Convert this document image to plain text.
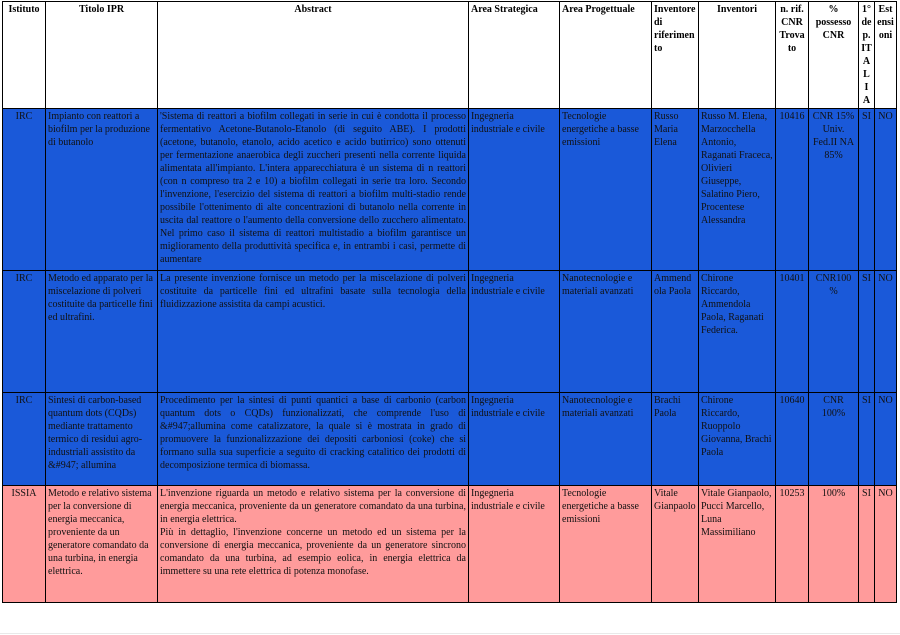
Istituto	Titolo IPR	Abstract	Area Strategica	Area Progettuale	Inventore di riferimento	Inventori	n. rif. CNR Trovato	% possesso CNR	1° de p. IT AL IA	Estensioni
IRC	Impianto con reattori a biofilm per la produzione di butanolo	'Sistema di reattori a biofilm collegati in serie in cui è condotta il processo fermentativo Acetone-Butanolo-Etanolo (di seguito ABE). I prodotti (acetone, butanolo, etanolo, acido acetico e acido butirrico) sono ottenuti per fermentazione anaerobica degli zuccheri presenti nella corrente liquida alimentata all'impianto. L'intera apparecchiatura è un sistema di n reattori (con n compreso tra 2 e 10) a biofilm collegati in serie tra loro. Secondo l'invenzione, l'esercizio del sistema di reattori a biofilm multi-stadio rende possibile l'ottenimento di alte concentrazioni di butanolo nella corrente in uscita dal reattore o l'aumento della conversione dello zucchero alimentato. Nel primo caso il sistema di reattori multistadio a biofilm garantisce un miglioramento della produttività specifica e, in entrambi i casi, permette di aumentare	Ingegneria industriale e civile	Tecnologie energetiche a basse emissioni	Russo Maria Elena	Russo M. Elena, Marzocchella Antonio, Raganati Fraceca, Olivieri Giuseppe, Salatino Piero, Procentese Alessandra	10416	CNR 15% Univ. Fed.II NA 85%	SI	NO
IRC	Metodo ed apparato per la miscelazione di polveri costituite da particelle fini ed ultrafini.	La presente invenzione fornisce un metodo per la miscelazione di polveri costituite da particelle fini ed ultrafini basate sulla tecnologia della fluidizzazione assistita da campi acustici.	Ingegneria industriale e civile	Nanotecnologie e materiali avanzati	Ammendola Paola	Chirone Riccardo, Ammendola Paola, Raganati Federica.	10401	CNR100 %	SI	NO
IRC	Sintesi di carbon-based quantum dots (CQDs) mediante trattamento termico di residui agro-industriali assistito da &#947; allumina	Procedimento per la sintesi di punti quantici a base di carbonio (carbon quantum dots o CQDs) funzionalizzati, che comprende l'uso di &#947;allumina come catalizzatore, la quale si è mostrata in grado di promuovere la funzionalizzazione dei depositi carboniosi (coke) che si formano sulla sua superficie a seguito di cracking catalitico dei prodotti di decomposizione termica di biomassa.	Ingegneria industriale e civile	Nanotecnologie e materiali avanzati	Brachi Paola	Chirone Riccardo, Ruoppolo Giovanna, Brachi Paola	10640	CNR 100%	SI	NO
ISSIA	Metodo e relativo sistema per la conversione di energia meccanica, proveniente da un generatore comandato da una turbina, in energia elettrica.	L'invenzione riguarda un metodo e relativo sistema per la conversione di energia meccanica, proveniente da un generatore comandato da una turbina, in energia elettrica.
Più in dettaglio, l'invenzione concerne un metodo ed un sistema per la conversione di energia meccanica, proveniente da un generatore sincrono comandato da una turbina, ad esempio eolica, in energia elettrica da immettere su una rete elettrica di potenza monofase.	Ingegneria industriale e civile	Tecnologie energetiche a basse emissioni	Vitale Gianpaolo	Vitale Gianpaolo, Pucci Marcello, Luna Massimiliano	10253	100%	SI	NO
